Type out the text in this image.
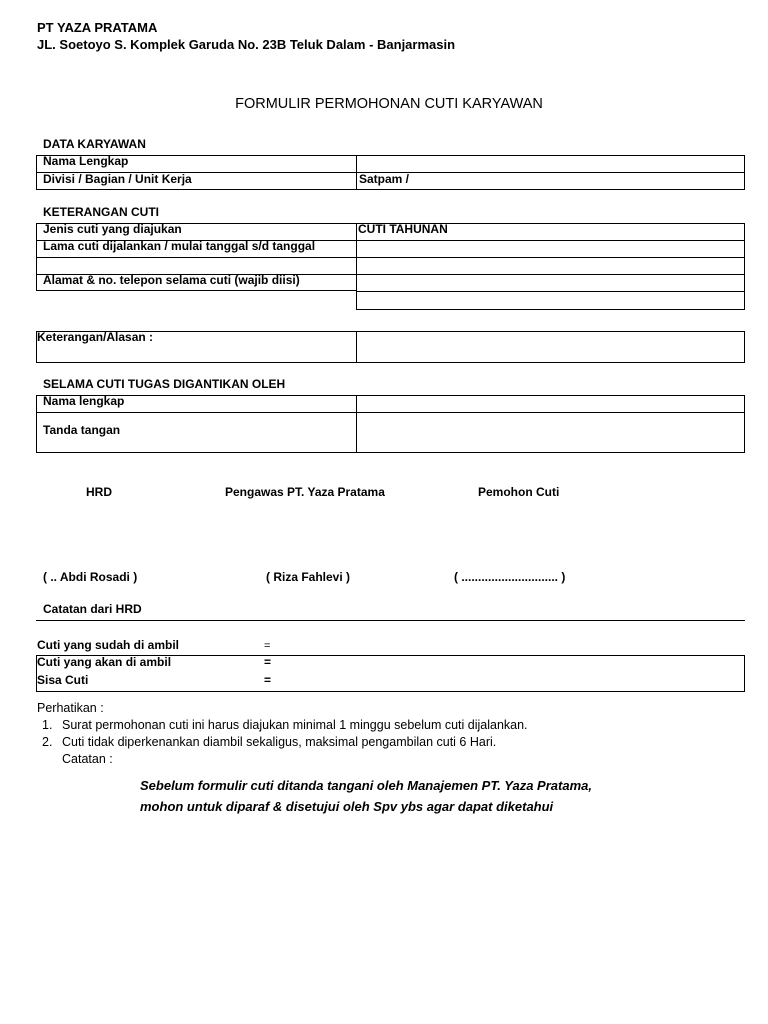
PT YAZA PRATAMA
JL. Soetoyo S. Komplek Garuda No. 23B Teluk Dalam - Banjarmasin
FORMULIR PERMOHONAN CUTI KARYAWAN
DATA KARYAWAN
Nama Lengkap
Divisi / Bagian / Unit Kerja	Satpam /
KETERANGAN CUTI
Jenis cuti yang diajukan	CUTI TAHUNAN
Lama cuti dijalankan / mulai tanggal s/d tanggal
Alamat & no. telepon selama cuti (wajib diisi)
Keterangan/Alasan :
SELAMA CUTI TUGAS DIGANTIKAN OLEH
Nama lengkap
Tanda tangan
HRD	Pengawas PT. Yaza Pratama	Pemohon Cuti
( .. Abdi Rosadi )	( Riza Fahlevi )	( ............................. )
Catatan dari HRD
Cuti yang sudah di ambil	=
Cuti yang akan di ambil	=
Sisa Cuti	=
Perhatikan :
1. Surat permohonan cuti ini harus diajukan minimal 1 minggu sebelum cuti dijalankan.
2. Cuti tidak diperkenankan diambil sekaligus, maksimal pengambilan cuti 6 Hari.
Catatan :
Sebelum formulir cuti ditanda tangani oleh Manajemen PT. Yaza Pratama,
mohon untuk diparaf & disetujui oleh Spv ybs agar dapat diketahui
